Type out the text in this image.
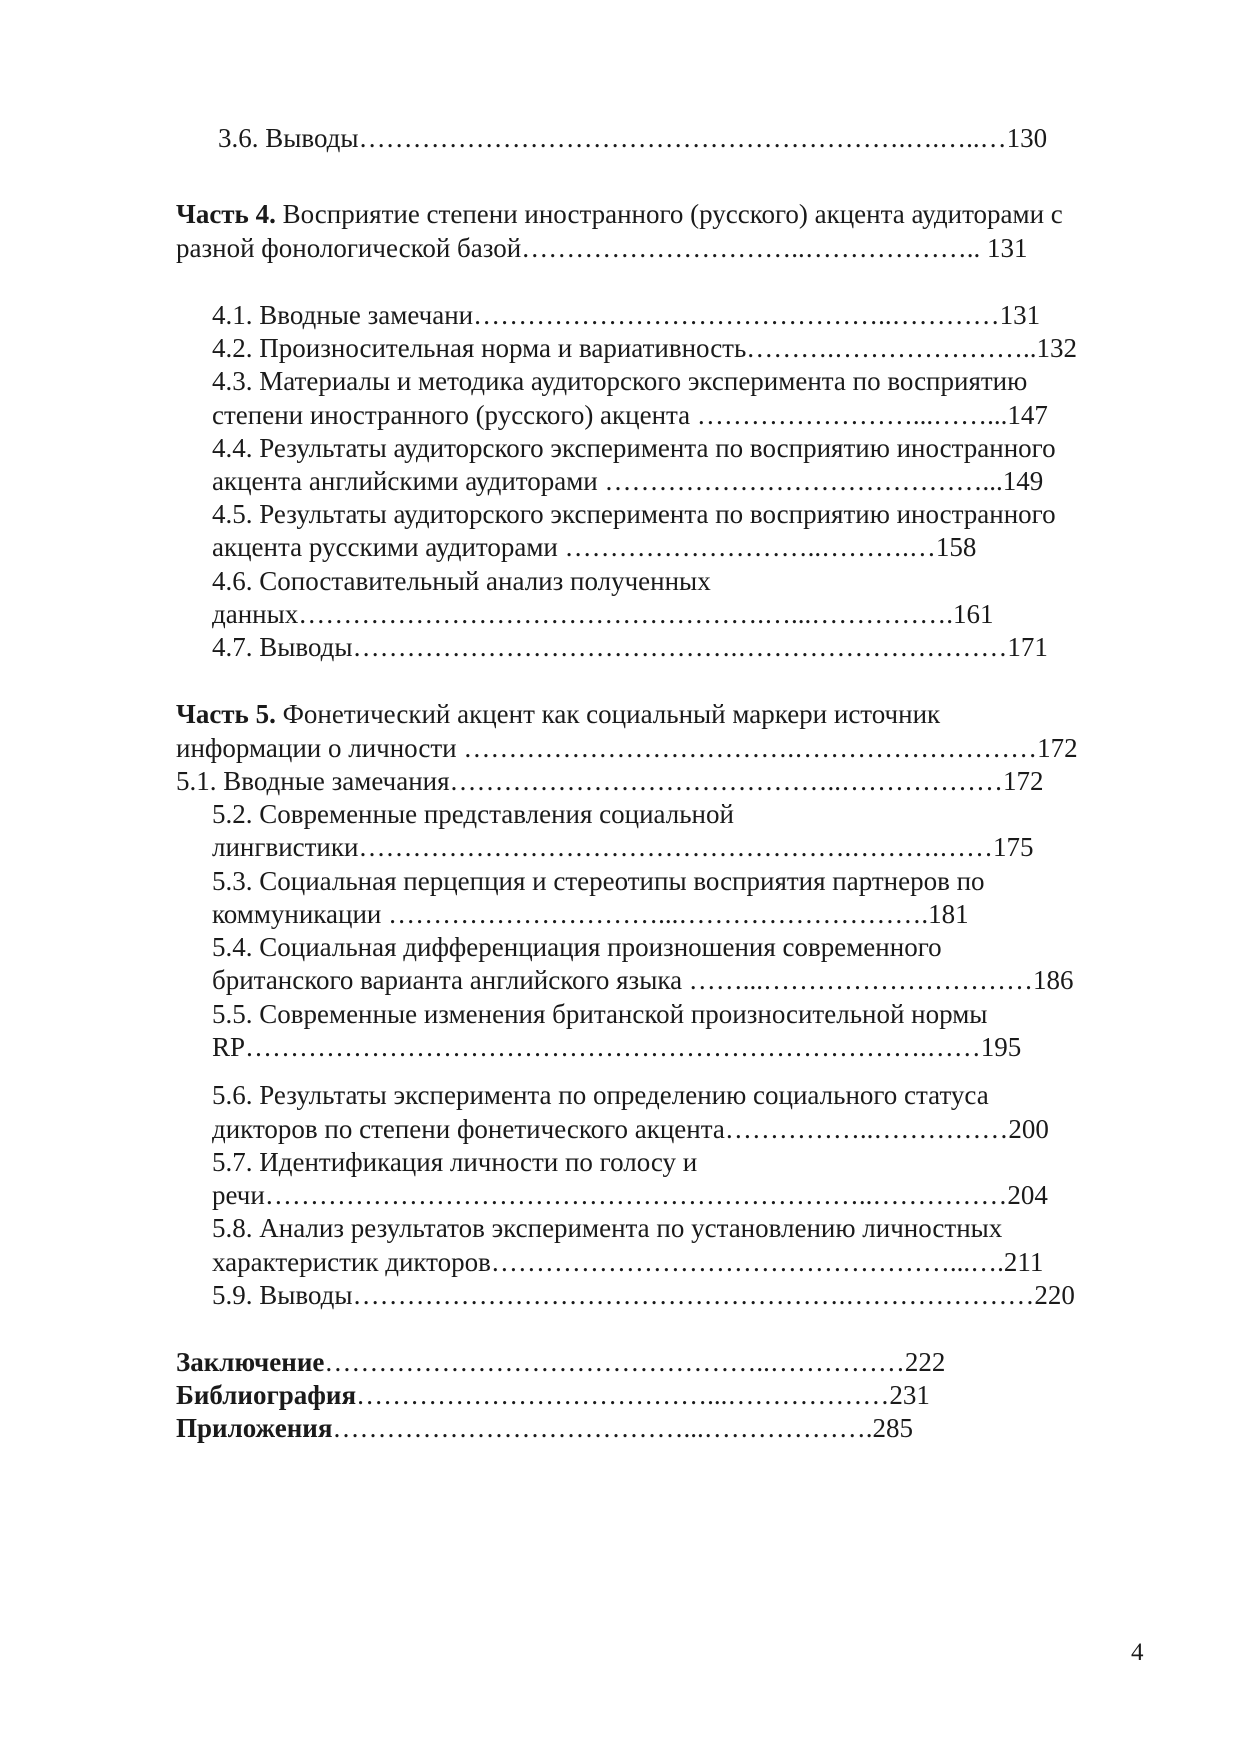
3.6. Выводы…………………………………………………….….…..…130
Часть 4. Восприятие степени иностранного (русского) акцента аудиторами с
разной фонологической базой…………………………..……………….. 131
4.1. Вводные замечани………………………………………..…………131
4.2. Произносительная норма и вариативность……….…………………..132
4.3. Материалы и методика аудиторского эксперимента по восприятию
степени иностранного (русского) акцента ……………………...……...147
4.4. Результаты аудиторского эксперимента по восприятию иностранного
акцента английскими аудиторами ……………………………………...149
4.5. Результаты аудиторского эксперимента по восприятию иностранного
акцента русскими аудиторами ………………………..……….…158
4.6. Сопоставительный анализ полученных
данных…………………………………………….…...…………….161
4.7. Выводы…………………………………….…………………………171
Часть 5. Фонетический акцент как социальный маркери источник
информации о личности ……………………………….………………………172
5.1. Вводные замечания……………………………………..………………172
5.2. Современные представления социальной
лингвистики……………………………………………….……….……175
5.3. Социальная перцепция и стереотипы восприятия партнеров по
коммуникации …………………………...……………………….181
5.4. Социальная дифференциация произношения современного
британского варианта английского языка ……...…………………………186
5.5. Современные изменения британской произносительной нормы
RP………………………………………………………………….……195
5.6. Результаты эксперимента по определению социального статуса
дикторов по степени фонетического акцента……………..……………200
5.7. Идентификация личности по голосу и
речи…………………………………………………………..……………204
5.8. Анализ результатов эксперимента по установлению личностных
характеристик дикторов……………………………………………...….211
5.9. Выводы……………………………………………….…………………220
Заключение…………………………………………..……………222
Библиография…………………………………...………………231
Приложения…………………………………...……………….285
4
